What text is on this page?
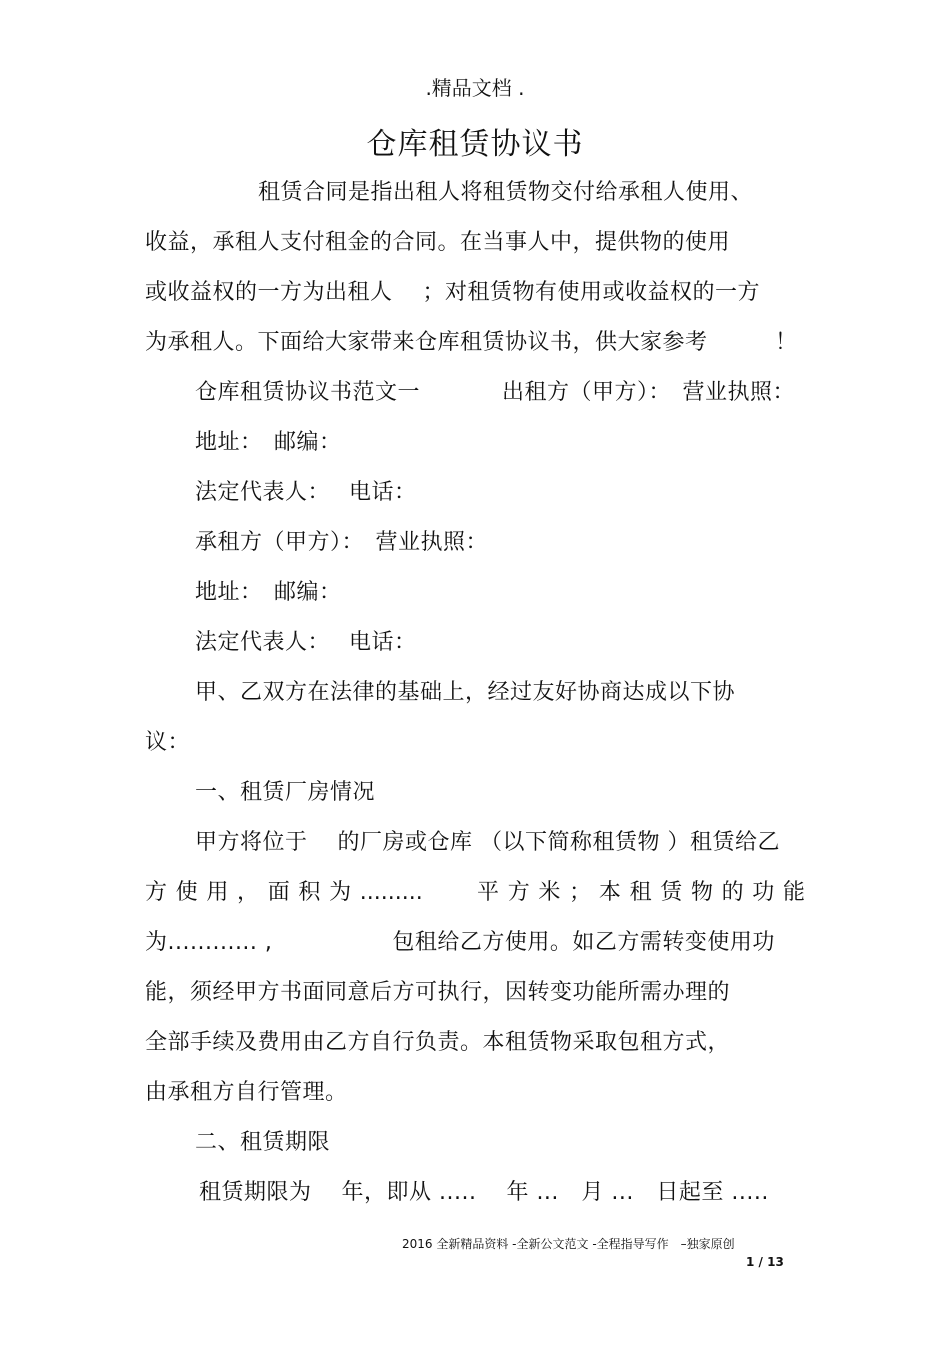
.精品文档 .
仓库租赁协议书
租赁合同是指出租人将租赁物交付给承租人使用、
收益，承租人支付租金的合同。在当事人中，提供物的使用
或收益权的一方为出租人　 ；对租赁物有使用或收益权的一方
为承租人。下面给大家带来仓库租赁协议书，供大家参考　　　！
仓库租赁协议书范文一	出租方（甲方）：　营业执照：
地址：　邮编：
法定代表人：　 电话：
承租方（甲方）：　营业执照：
地址：　邮编：
法定代表人：　 电话：
甲、乙双方在法律的基础上，经过友好协商达成以下协
议：
一、租赁厂房情况
甲方将位于　 的厂房或仓库 （以下简称租赁物 ）租赁给乙
方 使 用 ， 面 积 为 .........　　 平 方 米 ； 本 租 赁 物 的 功 能
为............ ,　　　　　 包租给乙方使用。如乙方需转变使用功
能，须经甲方书面同意后方可执行，因转变功能所需办理的
全部手续及费用由乙方自行负责。本租赁物采取包租方式，
由承租方自行管理。
二、租赁期限
租赁期限为　 年，即从 .....　 年 ...　月 ...　日起至 .....
2016 全新精品资料 -全新公文范文 -全程指导写作　–独家原创
1 / 13
